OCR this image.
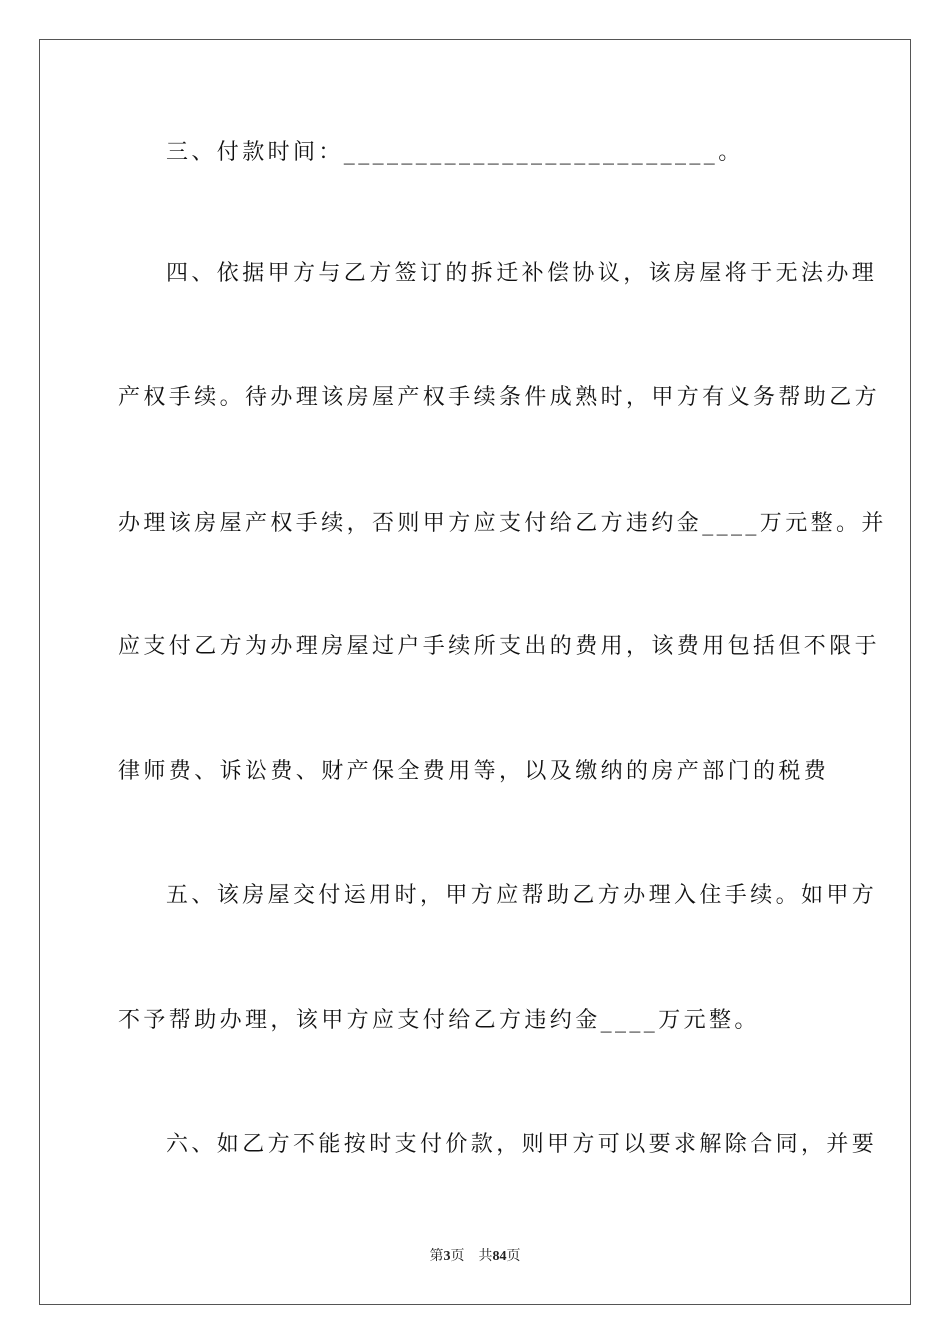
三、付款时间：__________________________。

四、依据甲方与乙方签订的拆迁补偿协议，该房屋将于无法办理

产权手续。待办理该房屋产权手续条件成熟时，甲方有义务帮助乙方

办理该房屋产权手续，否则甲方应支付给乙方违约金____万元整。并

应支付乙方为办理房屋过户手续所支出的费用，该费用包括但不限于

律师费、诉讼费、财产保全费用等，以及缴纳的房产部门的税费

五、该房屋交付运用时，甲方应帮助乙方办理入住手续。如甲方

不予帮助办理，该甲方应支付给乙方违约金____万元整。

六、如乙方不能按时支付价款，则甲方可以要求解除合同，并要

第3页 共84页
